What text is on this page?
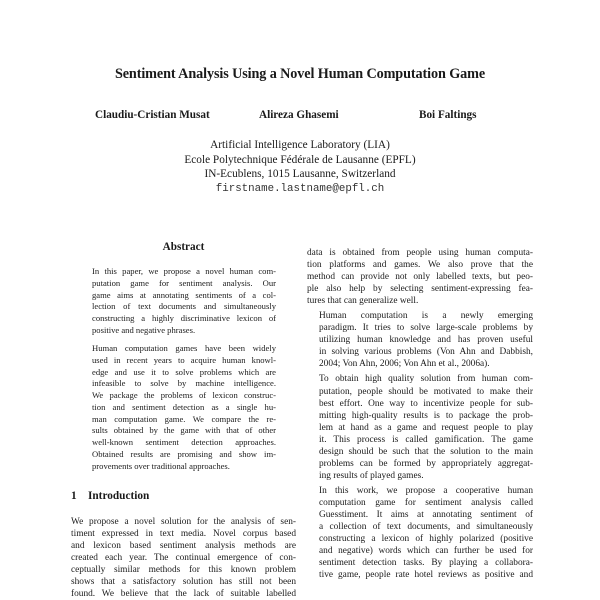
Sentiment Analysis Using a Novel Human Computation Game
Claudiu-Cristian Musat	Alireza Ghasemi	Boi Faltings
Artificial Intelligence Laboratory (LIA)
Ecole Polytechnique Fédérale de Lausanne (EPFL)
IN-Ecublens, 1015 Lausanne, Switzerland
firstname.lastname@epfl.ch
Abstract
In this paper, we propose a novel human com-
putation game for sentiment analysis. Our
game aims at annotating sentiments of a col-
lection of text documents and simultaneously
constructing a highly discriminative lexicon of
positive and negative phrases.
Human computation games have been widely
used in recent years to acquire human knowl-
edge and use it to solve problems which are
infeasible to solve by machine intelligence.
We package the problems of lexicon construc-
tion and sentiment detection as a single hu-
man computation game. We compare the re-
sults obtained by the game with that of other
well-known sentiment detection approaches.
Obtained results are promising and show im-
provements over traditional approaches.
1 Introduction
We propose a novel solution for the analysis of sen-
timent expressed in text media. Novel corpus based
and lexicon based sentiment analysis methods are
created each year. The continual emergence of con-
ceptually similar methods for this known problem
shows that a satisfactory solution has still not been
found. We believe that the lack of suitable labelled

data is obtained from people using human computa-
tion platforms and games. We also prove that the
method can provide not only labelled texts, but peo-
ple also help by selecting sentiment-expressing fea-
tures that can generalize well.

Human computation is a newly emerging
paradigm. It tries to solve large-scale problems by
utilizing human knowledge and has proven useful
in solving various problems (Von Ahn and Dabbish,
2004; Von Ahn, 2006; Von Ahn et al., 2006a).

To obtain high quality solution from human com-
putation, people should be motivated to make their
best effort. One way to incentivize people for sub-
mitting high-quality results is to package the prob-
lem at hand as a game and request people to play
it. This process is called gamification. The game
design should be such that the solution to the main
problems can be formed by appropriately aggregat-
ing results of played games.

In this work, we propose a cooperative human
computation game for sentiment analysis called
Guesstiment. It aims at annotating sentiment of
a collection of text documents, and simultaneously
constructing a lexicon of highly polarized (positive
and negative) words which can further be used for
sentiment detection tasks. By playing a collabora-
tive game, people rate hotel reviews as positive and
